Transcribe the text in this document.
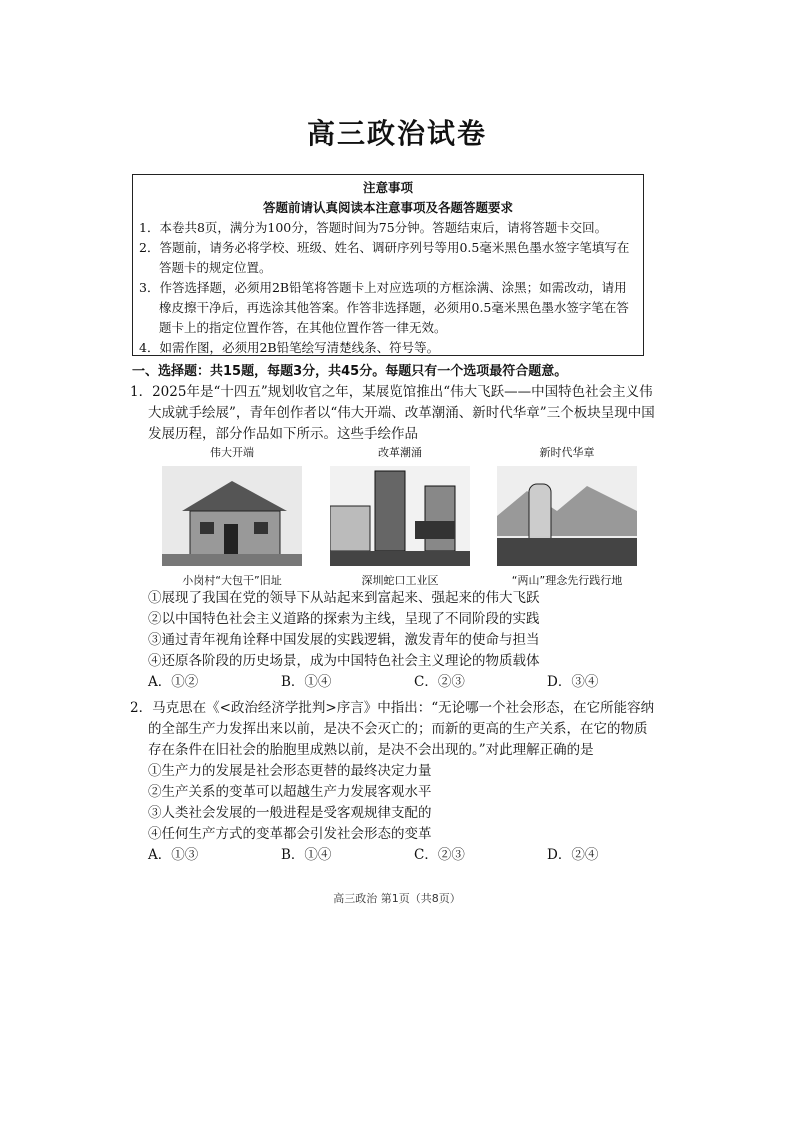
高三政治试卷
注意事项
答题前请认真阅读本注意事项及各题答题要求
1．本卷共8页，满分为100分，答题时间为75分钟。答题结束后，请将答题卡交回。
2．答题前，请务必将学校、班级、姓名、调研序列号等用0.5毫米黑色墨水签字笔填写在答题卡的规定位置。
3．作答选择题，必须用2B铅笔将答题卡上对应选项的方框涂满、涂黑；如需改动，请用橡皮擦干净后，再选涂其他答案。作答非选择题，必须用0.5毫米黑色墨水签字笔在答题卡上的指定位置作答，在其他位置作答一律无效。
4．如需作图，必须用2B铅笔绘写清楚线条、符号等。
一、选择题：共15题，每题3分，共45分。每题只有一个选项最符合题意。
1．2025年是“十四五”规划收官之年，某展览馆推出“伟大飞跃——中国特色社会主义伟大成就手绘展”，青年创作者以“伟大开端、改革潮涌、新时代华章”三个板块呈现中国发展历程，部分作品如下所示。这些手绘作品
伟大开端
小岗村“大包干”旧址
改革潮涌
深圳蛇口工业区
新时代华章
“两山”理念先行践行地
①展现了我国在党的领导下从站起来到富起来、强起来的伟大飞跃
②以中国特色社会主义道路的探索为主线，呈现了不同阶段的实践
③通过青年视角诠释中国发展的实践逻辑，激发青年的使命与担当
④还原各阶段的历史场景，成为中国特色社会主义理论的物质载体
A．①②	B．①④	C．②③	D．③④
2．马克思在《<政治经济学批判>序言》中指出：“无论哪一个社会形态，在它所能容纳的全部生产力发挥出来以前，是决不会灭亡的；而新的更高的生产关系，在它的物质存在条件在旧社会的胎胞里成熟以前，是决不会出现的。”对此理解正确的是
①生产力的发展是社会形态更替的最终决定力量
②生产关系的变革可以超越生产力发展客观水平
③人类社会发展的一般进程是受客观规律支配的
④任何生产方式的变革都会引发社会形态的变革
A．①③	B．①④	C．②③	D．②④
高三政治 第1页（共8页）
